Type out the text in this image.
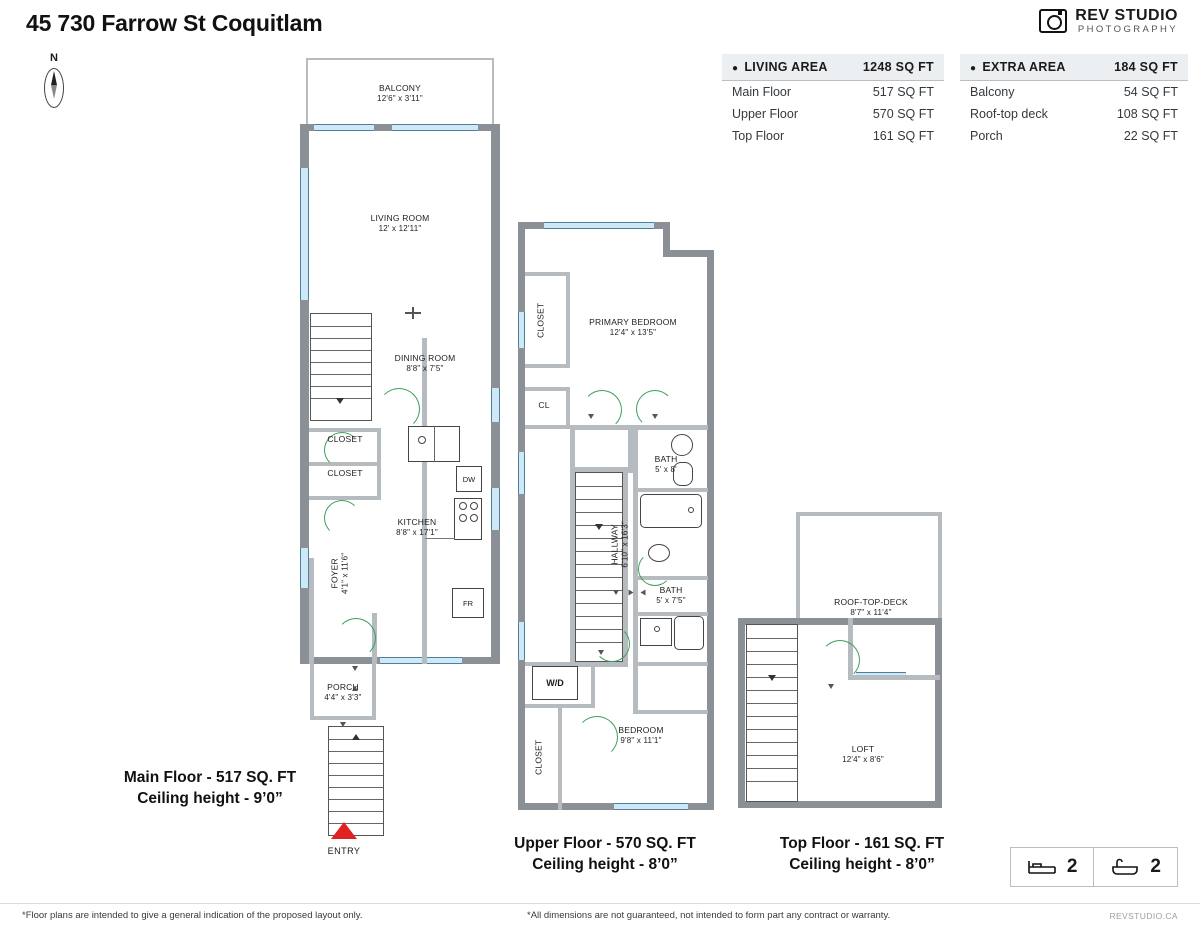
45 730 Farrow St Coquitlam	REV STUDIO
PHOTOGRAPHY
N
● LIVING AREA	1248 SQ FT
Main Floor	517 SQ FT
Upper Floor	570 SQ FT
Top Floor	161 SQ FT
● EXTRA AREA	184 SQ FT
Balcony	54 SQ FT
Roof-top deck	108 SQ FT
Porch	22 SQ FT
DW
FR
BALCONY
12'6" x 3'11"
LIVING ROOM
12' x 12'11"
DINING ROOM
8'8" x 7'5"
CLOSET
CLOSET
KITCHEN
8'8" x 17'1"
FOYER 4'1" x 11'6"
PORCH
4'4" x 3'3"
ENTRY
Main Floor - 517 SQ. FT
Ceiling height - 9’0”
W/D
PRIMARY BEDROOM
12'4" x 13'5"
CLOSET
CL
BATH
5' x 8'
HALLWAY 6'10" x 16'3"
BATH
5' x 7'5"
BEDROOM
9'8" x 11'1"
CLOSET
Upper Floor - 570 SQ. FT
Ceiling height - 8’0”
ROOF-TOP-DECK
8'7" x 11'4"
LOFT
12'4" x 8'6"
Top Floor - 161 SQ. FT
Ceiling height - 8’0”	2	2
*Floor plans are intended to give a general indication of the proposed layout only.	*All dimensions are not guaranteed, not intended to form part any contract or warranty.	REVSTUDIO.CA
